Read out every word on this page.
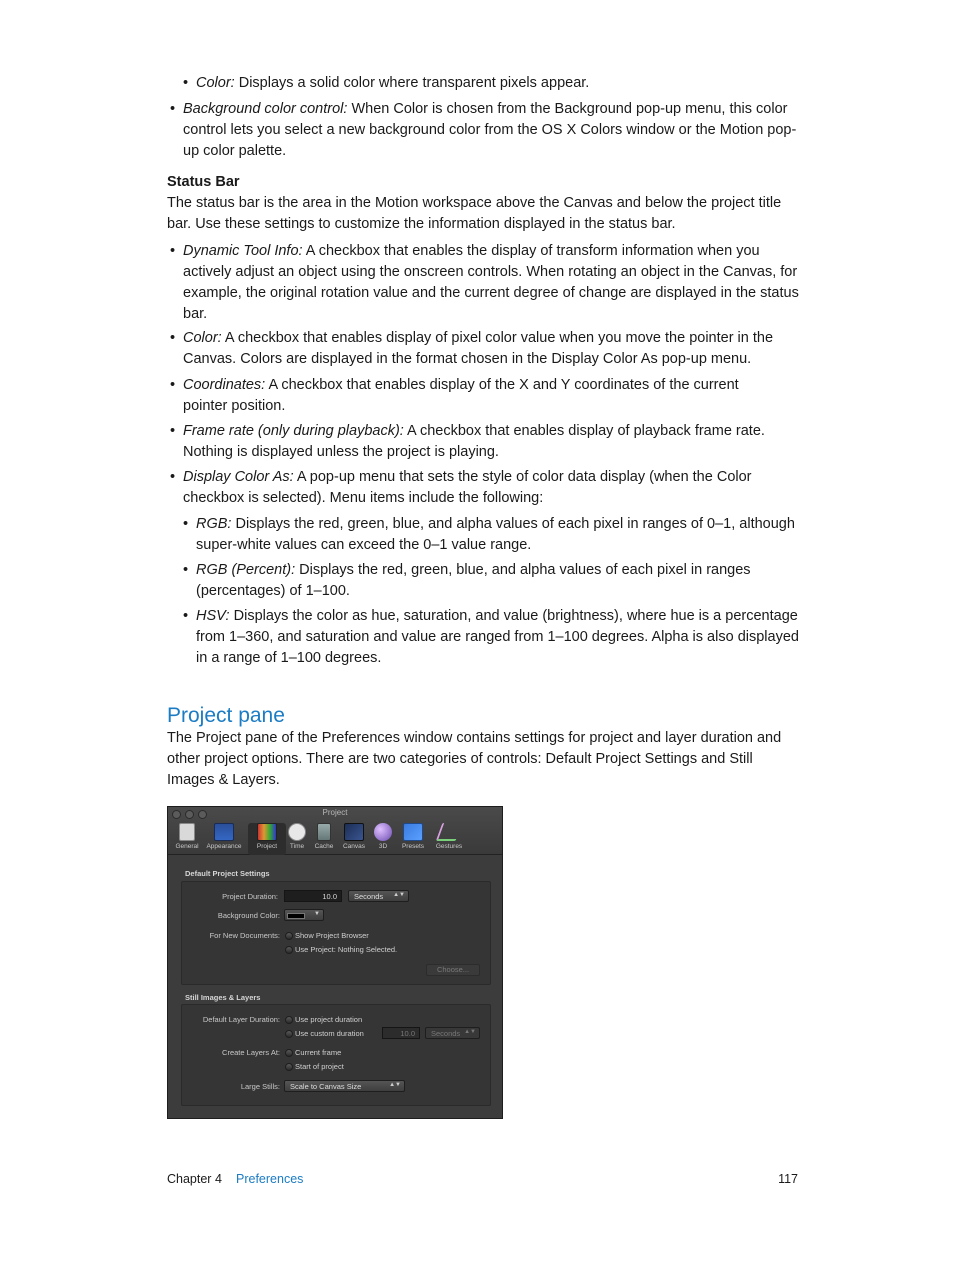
• Color: Displays a solid color where transparent pixels appear.
• Background color control: When Color is chosen from the Background pop-up menu, this color control lets you select a new background color from the OS X Colors window or the Motion pop-up color palette.
Status Bar
The status bar is the area in the Motion workspace above the Canvas and below the project title bar. Use these settings to customize the information displayed in the status bar.
• Dynamic Tool Info: A checkbox that enables the display of transform information when you actively adjust an object using the onscreen controls. When rotating an object in the Canvas, for example, the original rotation value and the current degree of change are displayed in the status bar.
• Color: A checkbox that enables display of pixel color value when you move the pointer in the Canvas. Colors are displayed in the format chosen in the Display Color As pop-up menu.
• Coordinates: A checkbox that enables display of the X and Y coordinates of the current pointer position.
• Frame rate (only during playback): A checkbox that enables display of playback frame rate. Nothing is displayed unless the project is playing.
• Display Color As: A pop-up menu that sets the style of color data display (when the Color checkbox is selected). Menu items include the following:
• RGB: Displays the red, green, blue, and alpha values of each pixel in ranges of 0–1, although super-white values can exceed the 0–1 value range.
• RGB (Percent): Displays the red, green, blue, and alpha values of each pixel in ranges (percentages) of 1–100.
• HSV: Displays the color as hue, saturation, and value (brightness), where hue is a percentage from 1–360, and saturation and value are ranged from 1–100 degrees. Alpha is also displayed in a range of 1–100 degrees.
Project pane
The Project pane of the Preferences window contains settings for project and layer duration and other project options. There are two categories of controls: Default Project Settings and Still Images & Layers.
Project
General	Appearance	Project	Time	Cache	Canvas	3D	Presets	Gestures
Default Project Settings
Project Duration:	10.0	Seconds ▲▼
Background Color:	▼
For New Documents: Show Project Browser
Use Project: Nothing Selected.
Choose...
Still Images & Layers
Default Layer Duration: Use project duration
Use custom duration	10.0	Seconds ▲▼
Create Layers At: Current frame
Start of project
Large Stills:	Scale to Canvas Size	▲▼
Chapter 4 Preferences	117
